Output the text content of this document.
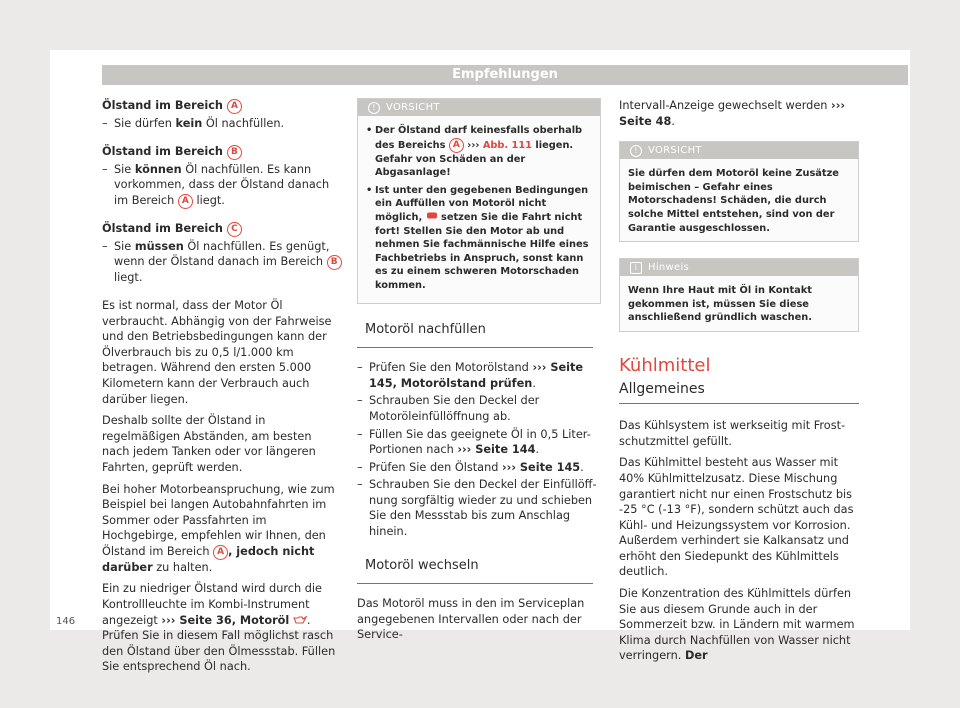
Empfehlungen

Ölstand im Bereich A

– Sie dürfen kein Öl nachfüllen.

Ölstand im Bereich B

– Sie können Öl nachfüllen. Es kann vorkommen, dass der Ölstand danach im Bereich A liegt.

Ölstand im Bereich C

– Sie müssen Öl nachfüllen. Es genügt, wenn der Ölstand danach im Bereich B liegt.

Es ist normal, dass der Motor Öl verbraucht. Abhängig von der Fahrweise und den Betriebsbedingungen kann der Ölverbrauch bis zu 0,5 l/1.000 km betragen. Während den ersten 5.000 Kilometern kann der Verbrauch auch darüber liegen.

Deshalb sollte der Ölstand in regelmäßigen Abständen, am besten nach jedem Tanken oder vor längeren Fahrten, geprüft werden.

Bei hoher Motorbeanspruchung, wie zum Beispiel bei langen Autobahnfahrten im Sommer oder Passfahrten im Hochgebirge, empfehlen wir Ihnen, den Ölstand im Bereich A , jedoch nicht darüber zu halten.

Ein zu niedriger Ölstand wird durch die Kontrollleuchte im Kombi-Instrument angezeigt ››› Seite 36, Motoröl . Prüfen Sie in diesem Fall möglichst rasch den Ölstand über den Ölmessstab. Füllen Sie entsprechend Öl nach.

! VORSICHT

• Der Ölstand darf keinesfalls oberhalb des Bereichs A ››› Abb. 111 liegen. Gefahr von Schäden an der Abgasanlage!

• Ist unter den gegebenen Bedingungen ein Auffüllen von Motoröl nicht möglich,  setzen Sie die Fahrt nicht fort! Stellen Sie den Motor ab und nehmen Sie fachmännische Hilfe eines Fachbetriebs in Anspruch, sonst kann es zu einem schweren Motorschaden kommen.

Motoröl nachfüllen

– Prüfen Sie den Motorölstand ››› Seite 145, Motorölstand prüfen.

– Schrauben Sie den Deckel der Motoröleinfüllöffnung ab.

– Füllen Sie das geeignete Öl in 0,5 Liter-Portionen nach ››› Seite 144.

– Prüfen Sie den Ölstand ››› Seite 145.

– Schrauben Sie den Deckel der Einfüllöffnung sorgfältig wieder zu und schieben Sie den Messstab bis zum Anschlag hinein.

Motoröl wechseln

Das Motoröl muss in den im Serviceplan angegebenen Intervallen oder nach der Service-

Intervall-Anzeige gewechselt werden ››› Seite 48.

! VORSICHT
Sie dürfen dem Motoröl keine Zusätze beimischen – Gefahr eines Motorschadens! Schäden, die durch solche Mittel entstehen, sind von der Garantie ausgeschlossen.
i Hinweis
Wenn Ihre Haut mit Öl in Kontakt gekommen ist, müssen Sie diese anschließend gründlich waschen.
Kühlmittel
Allgemeines

Das Kühlsystem ist werkseitig mit Frostschutzmittel gefüllt.

Das Kühlmittel besteht aus Wasser mit 40% Kühlmittelzusatz. Diese Mischung garantiert nicht nur einen Frostschutz bis -25 °C (-13 °F), sondern schützt auch das Kühl- und Heizungssystem vor Korrosion. Außerdem verhindert sie Kalkansatz und erhöht den Siedepunkt des Kühlmittels deutlich.

Die Konzentration des Kühlmittels dürfen Sie aus diesem Grunde auch in der Sommerzeit bzw. in Ländern mit warmem Klima durch Nachfüllen von Wasser nicht verringern. Der

146
